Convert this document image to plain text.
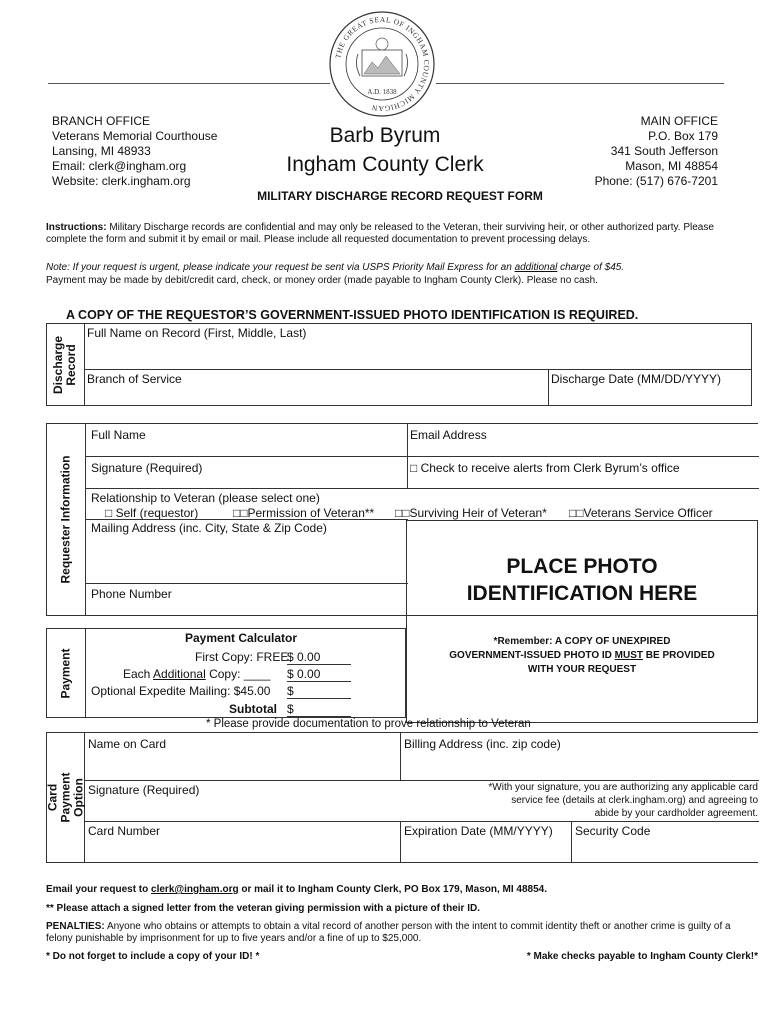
THE GREAT SEAL OF INGHAM COUNTY MICHIGAN
A.D. 1838
BRANCH OFFICE
Veterans Memorial Courthouse
Lansing, MI 48933
Email: clerk@ingham.org
Website: clerk.ingham.org
Barb Byrum
Ingham County Clerk
MAIN OFFICE
P.O. Box 179
341 South Jefferson
Mason, MI 48854
Phone: (517) 676-7201
MILITARY DISCHARGE RECORD REQUEST FORM
Instructions: Military Discharge records are confidential and may only be released to the Veteran, their surviving heir, or other authorized party. Please complete the form and submit it by email or mail. Please include all requested documentation to prevent processing delays.
Note: If your request is urgent, please indicate your request be sent via USPS Priority Mail Express for an additional charge of $45.
Payment may be made by debit/credit card, check, or money order (made payable to Ingham County Clerk). Please no cash.
A COPY OF THE REQUESTOR’S GOVERNMENT-ISSUED PHOTO IDENTIFICATION IS REQUIRED.
Discharge Record
Full Name on Record (First, Middle, Last)
Branch of Service	Discharge Date (MM/DD/YYYY)
Requester Information
Full Name	Email Address
Signature (Required)	□ Check to receive alerts from Clerk Byrum’s office
Relationship to Veteran (please select one)
□ Self (requestor)	□□Permission of Veteran** □□Surviving Heir of Veteran* □□Veterans Service Officer
Mailing Address (inc. City, State & Zip Code)
Phone Number
PLACE PHOTO
IDENTIFICATION HERE
*Remember: A COPY OF UNEXPIRED
GOVERNMENT-ISSUED PHOTO ID MUST BE PROVIDED
WITH YOUR REQUEST
Payment
Payment Calculator
First Copy: FREE
$ 0.00
Each Additional Copy: ____ $ 0.00
Optional Expedite Mailing: $45.00 $
Subtotal $
* Please provide documentation to prove relationship to Veteran
Card Payment Option
Name on Card	Billing Address (inc. zip code)
Signature (Required)	*With your signature, you are authorizing any applicable card
service fee (details at clerk.ingham.org) and agreeing to
abide by your cardholder agreement.
Card Number	Expiration Date (MM/YYYY) Security Code
Email your request to clerk@ingham.org or mail it to Ingham County Clerk, PO Box 179, Mason, MI 48854.
** Please attach a signed letter from the veteran giving permission with a picture of their ID.
PENALTIES: Anyone who obtains or attempts to obtain a vital record of another person with the intent to commit identity theft or another crime is guilty of a felony punishable by imprisonment for up to five years and/or a fine of up to $25,000.
* Do not forget to include a copy of your ID! *	* Make checks payable to Ingham County Clerk!*
